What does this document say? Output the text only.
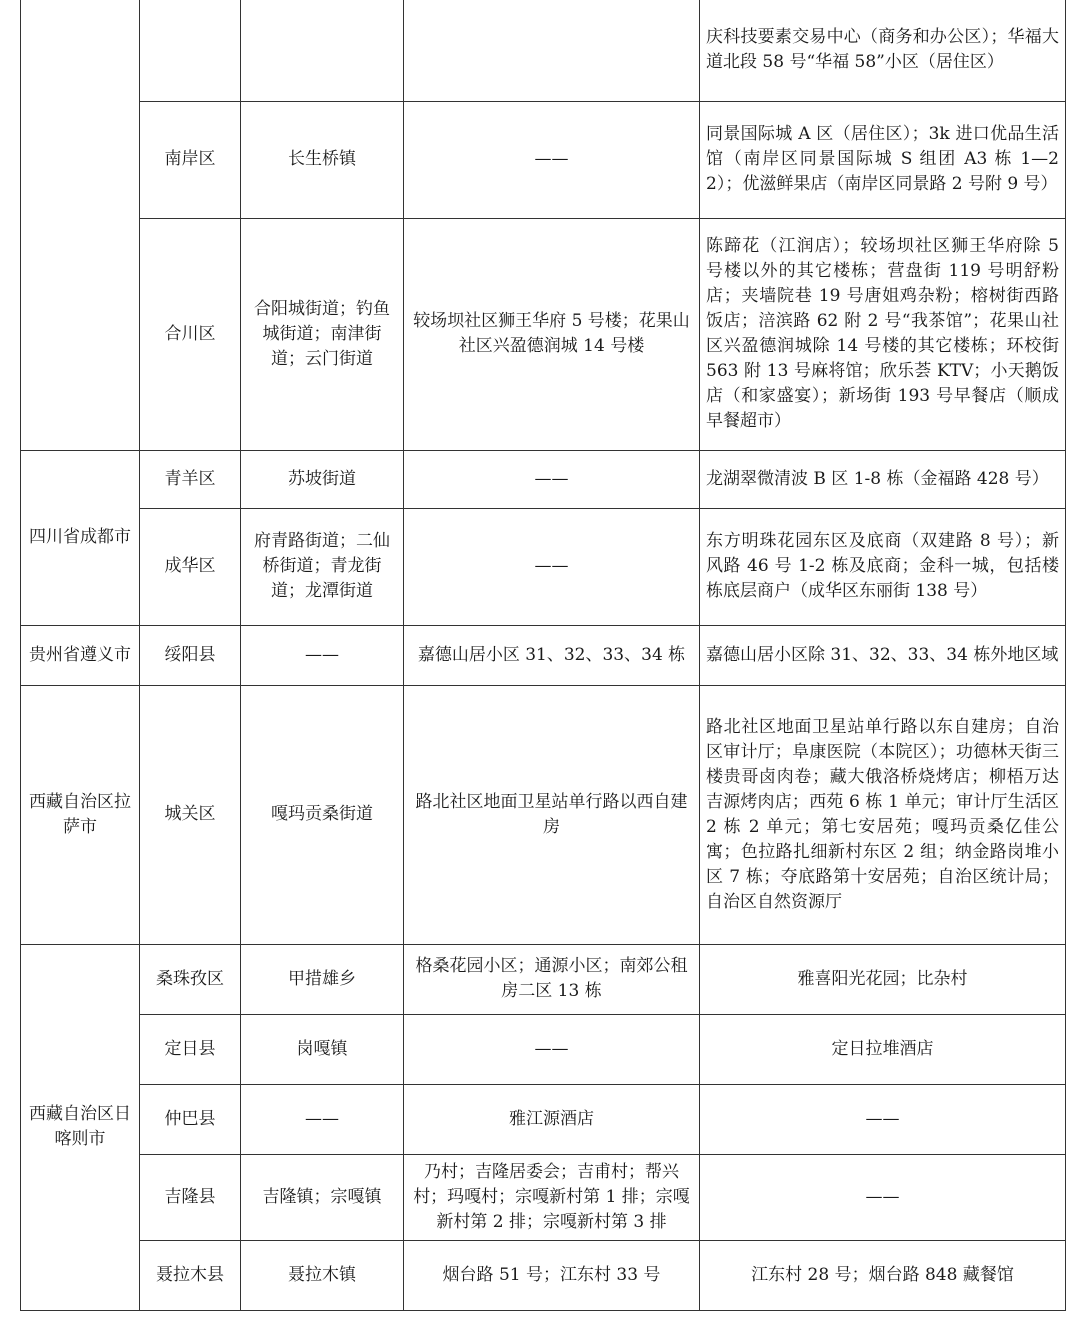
				庆科技要素交易中心（商务和办公区）；华福大道北段 58 号“华福 58”小区（居住区）
	南岸区	长生桥镇	——	同景国际城 A 区（居住区）；3k 进口优品生活馆（南岸区同景国际城 S 组团 A3 栋 1—22）；优滋鲜果店（南岸区同景路 2 号附 9 号）
	合川区	合阳城街道；钓鱼城街道；南津街道；云门街道	较场坝社区狮王华府 5 号楼；花果山社区兴盈德润城 14 号楼	陈蹄花（江润店）；较场坝社区狮王华府除 5 号楼以外的其它楼栋；营盘街 119 号明舒粉店；夹墙院巷 19 号唐姐鸡杂粉；榕树街西路饭店；涪滨路 62 附 2 号“我茶馆”；花果山社区兴盈德润城除 14 号楼的其它楼栋；环校街 563 附 13 号麻将馆；欣乐荟 KTV；小天鹅饭店（和家盛宴）；新场街 193 号早餐店（顺成早餐超市）
四川省成都市	青羊区	苏坡街道	——	龙湖翠微清波 B 区 1-8 栋（金福路 428 号）
	成华区	府青路街道；二仙桥街道；青龙街道；龙潭街道	——	东方明珠花园东区及底商（双建路 8 号）；新风路 46 号 1-2 栋及底商；金科一城，包括楼栋底层商户（成华区东丽街 138 号）
贵州省遵义市	绥阳县	——	嘉德山居小区 31、32、33、34 栋	嘉德山居小区除 31、32、33、34 栋外地区域
西藏自治区拉萨市	城关区	嘎玛贡桑街道	路北社区地面卫星站单行路以西自建房	路北社区地面卫星站单行路以东自建房；自治区审计厅；阜康医院（本院区）；功德林天街三楼贵哥卤肉卷；藏大俄洛桥烧烤店；柳梧万达吉源烤肉店；西苑 6 栋 1 单元；审计厅生活区 2 栋 2 单元；第七安居苑；嘎玛贡桑亿佳公寓；色拉路扎细新村东区 2 组；纳金路岗堆小区 7 栋；夺底路第十安居苑；自治区统计局；自治区自然资源厅
西藏自治区日喀则市	桑珠孜区	甲措雄乡	格桑花园小区；通源小区；南郊公租房二区 13 栋	雅喜阳光花园；比杂村
	定日县	岗嘎镇	——	定日拉堆酒店
	仲巴县	——	雅江源酒店	——
	吉隆县	吉隆镇；宗嘎镇	乃村；吉隆居委会；吉甫村；帮兴村；玛嘎村；宗嘎新村第 1 排；宗嘎新村第 2 排；宗嘎新村第 3 排	——
	聂拉木县	聂拉木镇	烟台路 51 号；江东村 33 号	江东村 28 号；烟台路 848 藏餐馆
